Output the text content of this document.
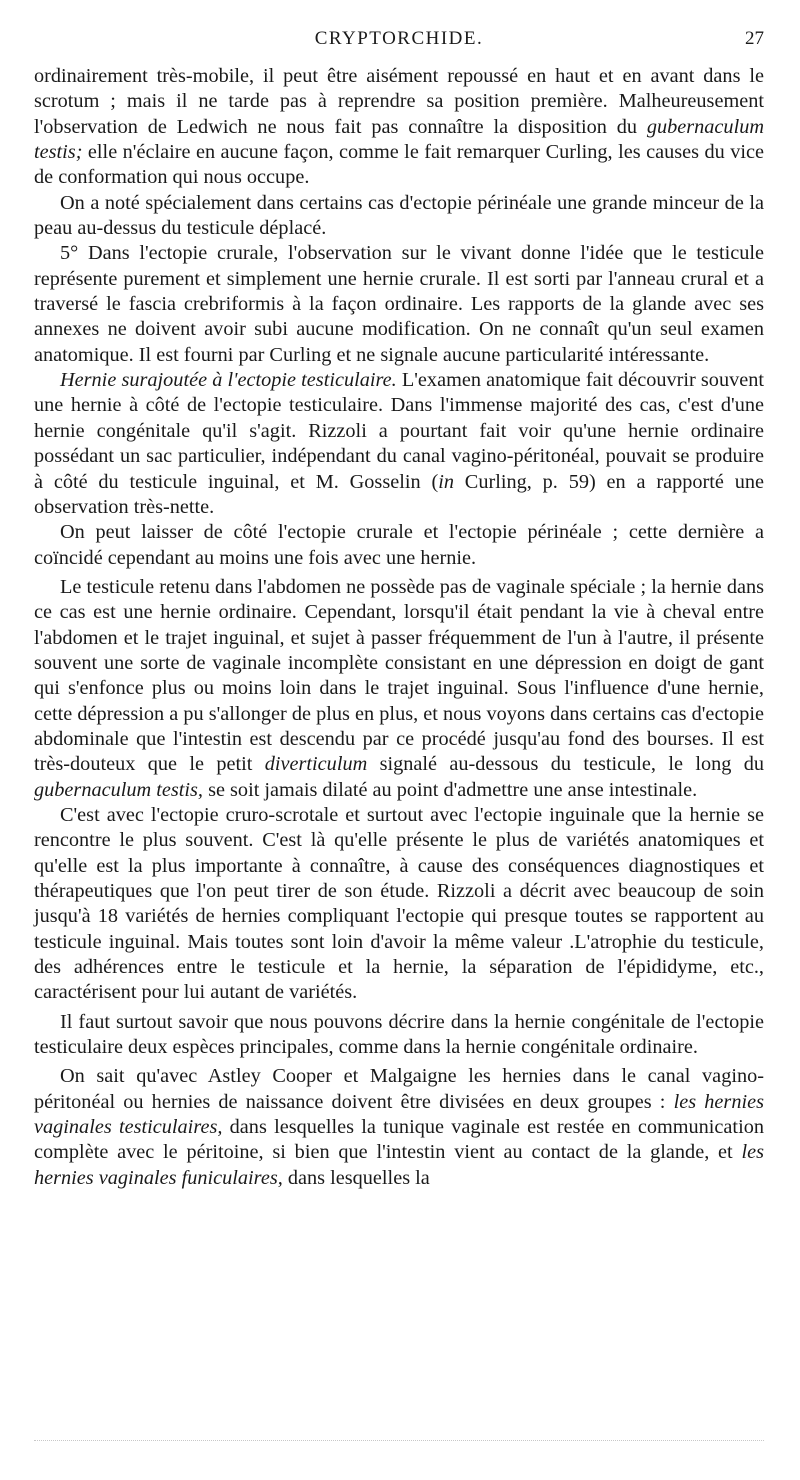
CRYPTORCHIDE.	27

ordinairement très-mobile, il peut être aisément repoussé en haut et en avant dans le scrotum ; mais il ne tarde pas à reprendre sa position première. Malheureusement l'observation de Ledwich ne nous fait pas connaître la disposition du gubernaculum testis; elle n'éclaire en aucune façon, comme le fait remarquer Curling, les causes du vice de conformation qui nous occupe.

On a noté spécialement dans certains cas d'ectopie périnéale une grande minceur de la peau au-dessus du testicule déplacé.

5° Dans l'ectopie crurale, l'observation sur le vivant donne l'idée que le testicule représente purement et simplement une hernie crurale. Il est sorti par l'anneau crural et a traversé le fascia crebriformis à la façon ordinaire. Les rapports de la glande avec ses annexes ne doivent avoir subi aucune modification. On ne connaît qu'un seul examen anatomique. Il est fourni par Curling et ne signale aucune particularité intéressante.

Hernie surajoutée à l'ectopie testiculaire. L'examen anatomique fait découvrir souvent une hernie à côté de l'ectopie testiculaire. Dans l'immense majorité des cas, c'est d'une hernie congénitale qu'il s'agit. Rizzoli a pourtant fait voir qu'une hernie ordinaire possédant un sac particulier, indépendant du canal vagino-péritonéal, pouvait se produire à côté du testicule inguinal, et M. Gosselin (in Curling, p. 59) en a rapporté une observation très-nette.

On peut laisser de côté l'ectopie crurale et l'ectopie périnéale ; cette dernière a coïncidé cependant au moins une fois avec une hernie.

Le testicule retenu dans l'abdomen ne possède pas de vaginale spéciale ; la hernie dans ce cas est une hernie ordinaire. Cependant, lorsqu'il était pendant la vie à cheval entre l'abdomen et le trajet inguinal, et sujet à passer fréquemment de l'un à l'autre, il présente souvent une sorte de vaginale incomplète consistant en une dépression en doigt de gant qui s'enfonce plus ou moins loin dans le trajet inguinal. Sous l'influence d'une hernie, cette dépression a pu s'allonger de plus en plus, et nous voyons dans certains cas d'ectopie abdominale que l'intestin est descendu par ce procédé jusqu'au fond des bourses. Il est très-douteux que le petit diverticulum signalé au-dessous du testicule, le long du gubernaculum testis, se soit jamais dilaté au point d'admettre une anse intestinale.

C'est avec l'ectopie cruro-scrotale et surtout avec l'ectopie inguinale que la hernie se rencontre le plus souvent. C'est là qu'elle présente le plus de variétés anatomiques et qu'elle est la plus importante à connaître, à cause des conséquences diagnostiques et thérapeutiques que l'on peut tirer de son étude. Rizzoli a décrit avec beaucoup de soin jusqu'à 18 variétés de hernies compliquant l'ectopie qui presque toutes se rapportent au testicule inguinal. Mais toutes sont loin d'avoir la même valeur .L'atrophie du testicule, des adhérences entre le testicule et la hernie, la séparation de l'épididyme, etc., caractérisent pour lui autant de variétés.

Il faut surtout savoir que nous pouvons décrire dans la hernie congénitale de l'ectopie testiculaire deux espèces principales, comme dans la hernie congénitale ordinaire.

On sait qu'avec Astley Cooper et Malgaigne les hernies dans le canal vagino-péritonéal ou hernies de naissance doivent être divisées en deux groupes : les hernies vaginales testiculaires, dans lesquelles la tunique vaginale est restée en communication complète avec le péritoine, si bien que l'intestin vient au contact de la glande, et les hernies vaginales funiculaires, dans lesquelles la
